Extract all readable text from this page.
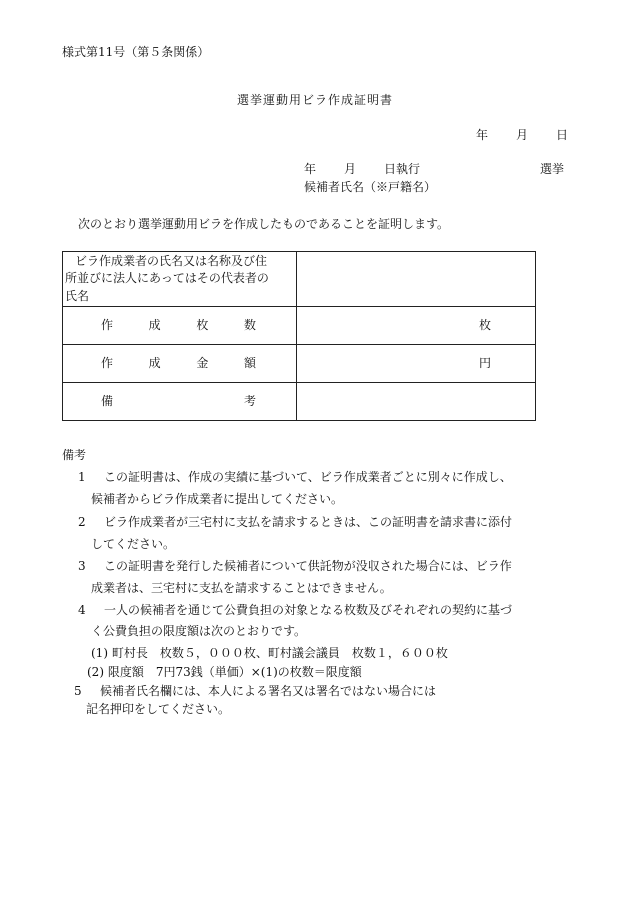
様式第11号（第５条関係）
選挙運動用ビラ作成証明書
年 月 日
年 月 日執行	選挙
候補者氏名（※戸籍名）
次のとおり選挙運動用ビラを作成したものであることを証明します。
ビラ作成業者の氏名又は名称及び住
所並びに法人にあってはその代表者の
氏名	

作 成 枚 数	枚

作 成 金 額	円

備 考	

備考
1 この証明書は、作成の実績に基づいて、ビラ作成業者ごとに別々に作成し、
候補者からビラ作成業者に提出してください。
2 ビラ作成業者が三宅村に支払を請求するときは、この証明書を請求書に添付
してください。
3 この証明書を発行した候補者について供託物が没収された場合には、ビラ作
成業者は、三宅村に支払を請求することはできません。
4 一人の候補者を通じて公費負担の対象となる枚数及びそれぞれの契約に基づ
く公費負担の限度額は次のとおりです。
(1) 町村長　枚数５，０００枚、町村議会議員　枚数１，６００枚
(2) 限度額　7円73銭（単価）×(1)の枚数＝限度額
5 候補者氏名欄には、本人による署名又は署名ではない場合には
記名押印をしてください。
